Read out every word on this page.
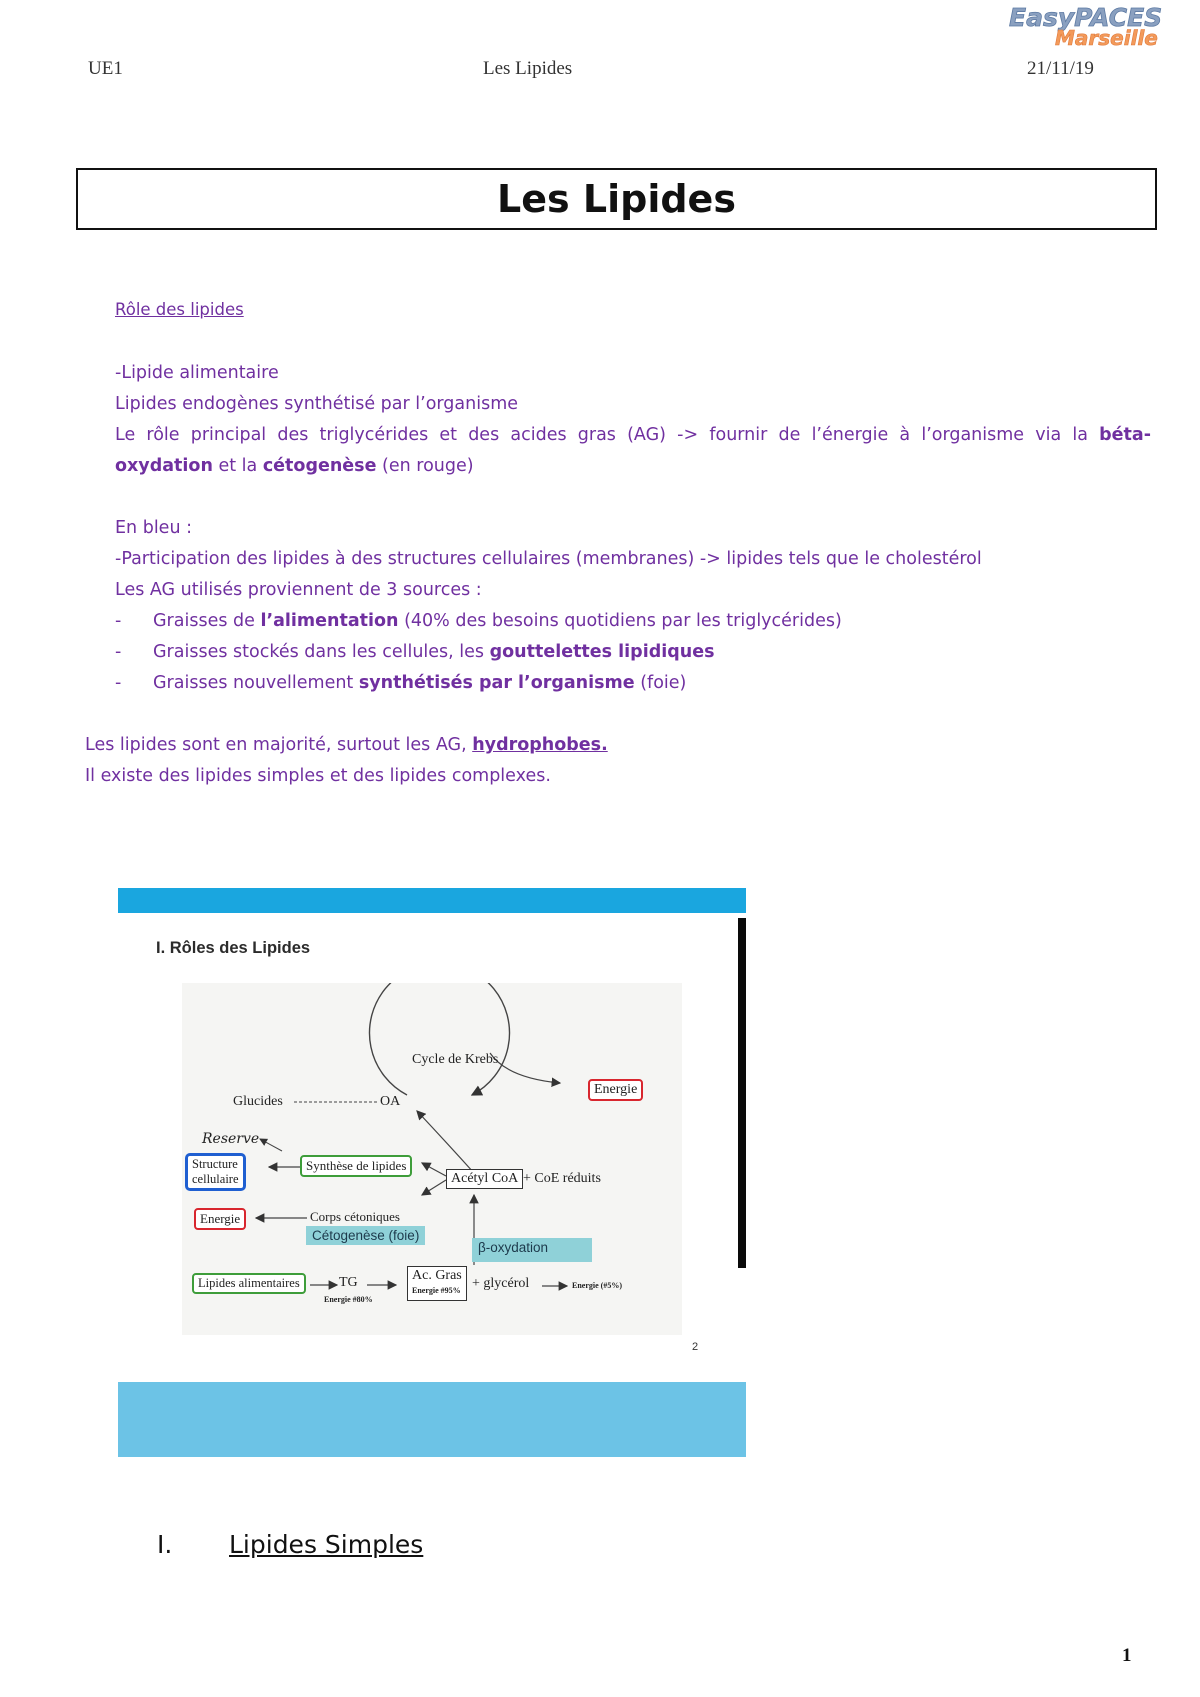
UE1	Les Lipides	21/11/19
EasyPACES
Marseille
Les Lipides
Rôle des lipides
-Lipide alimentaire
Lipides endogènes synthétisé par l’organisme
Le rôle principal des triglycérides et des acides gras (AG) -> fournir de l’énergie à l’organisme via la béta-
oxydation et la cétogenèse (en rouge)
En bleu :
-Participation des lipides à des structures cellulaires (membranes) -> lipides tels que le cholestérol
Les AG utilisés proviennent de 3 sources :
- Graisses de l’alimentation (40% des besoins quotidiens par les triglycérides)
- Graisses stockés dans les cellules, les gouttelettes lipidiques
- Graisses nouvellement synthétisés par l’organisme (foie)
Les lipides sont en majorité, surtout les AG, hydrophobes.
Il existe des lipides simples et des lipides complexes.
I. Rôles des Lipides
Cycle de Krebs
Energie
Glucides	OA
Reserve
Structure
cellulaire
Synthèse de lipides
Acétyl CoA + CoE réduits
Energie	Corps cétoniques
Cétogenèse (foie)
β-oxydation
Lipides alimentaires	TG
Energie #80%
Ac. Gras
Energie #95% + glycérol	Energie (#5%)
2
I. Lipides Simples
1
